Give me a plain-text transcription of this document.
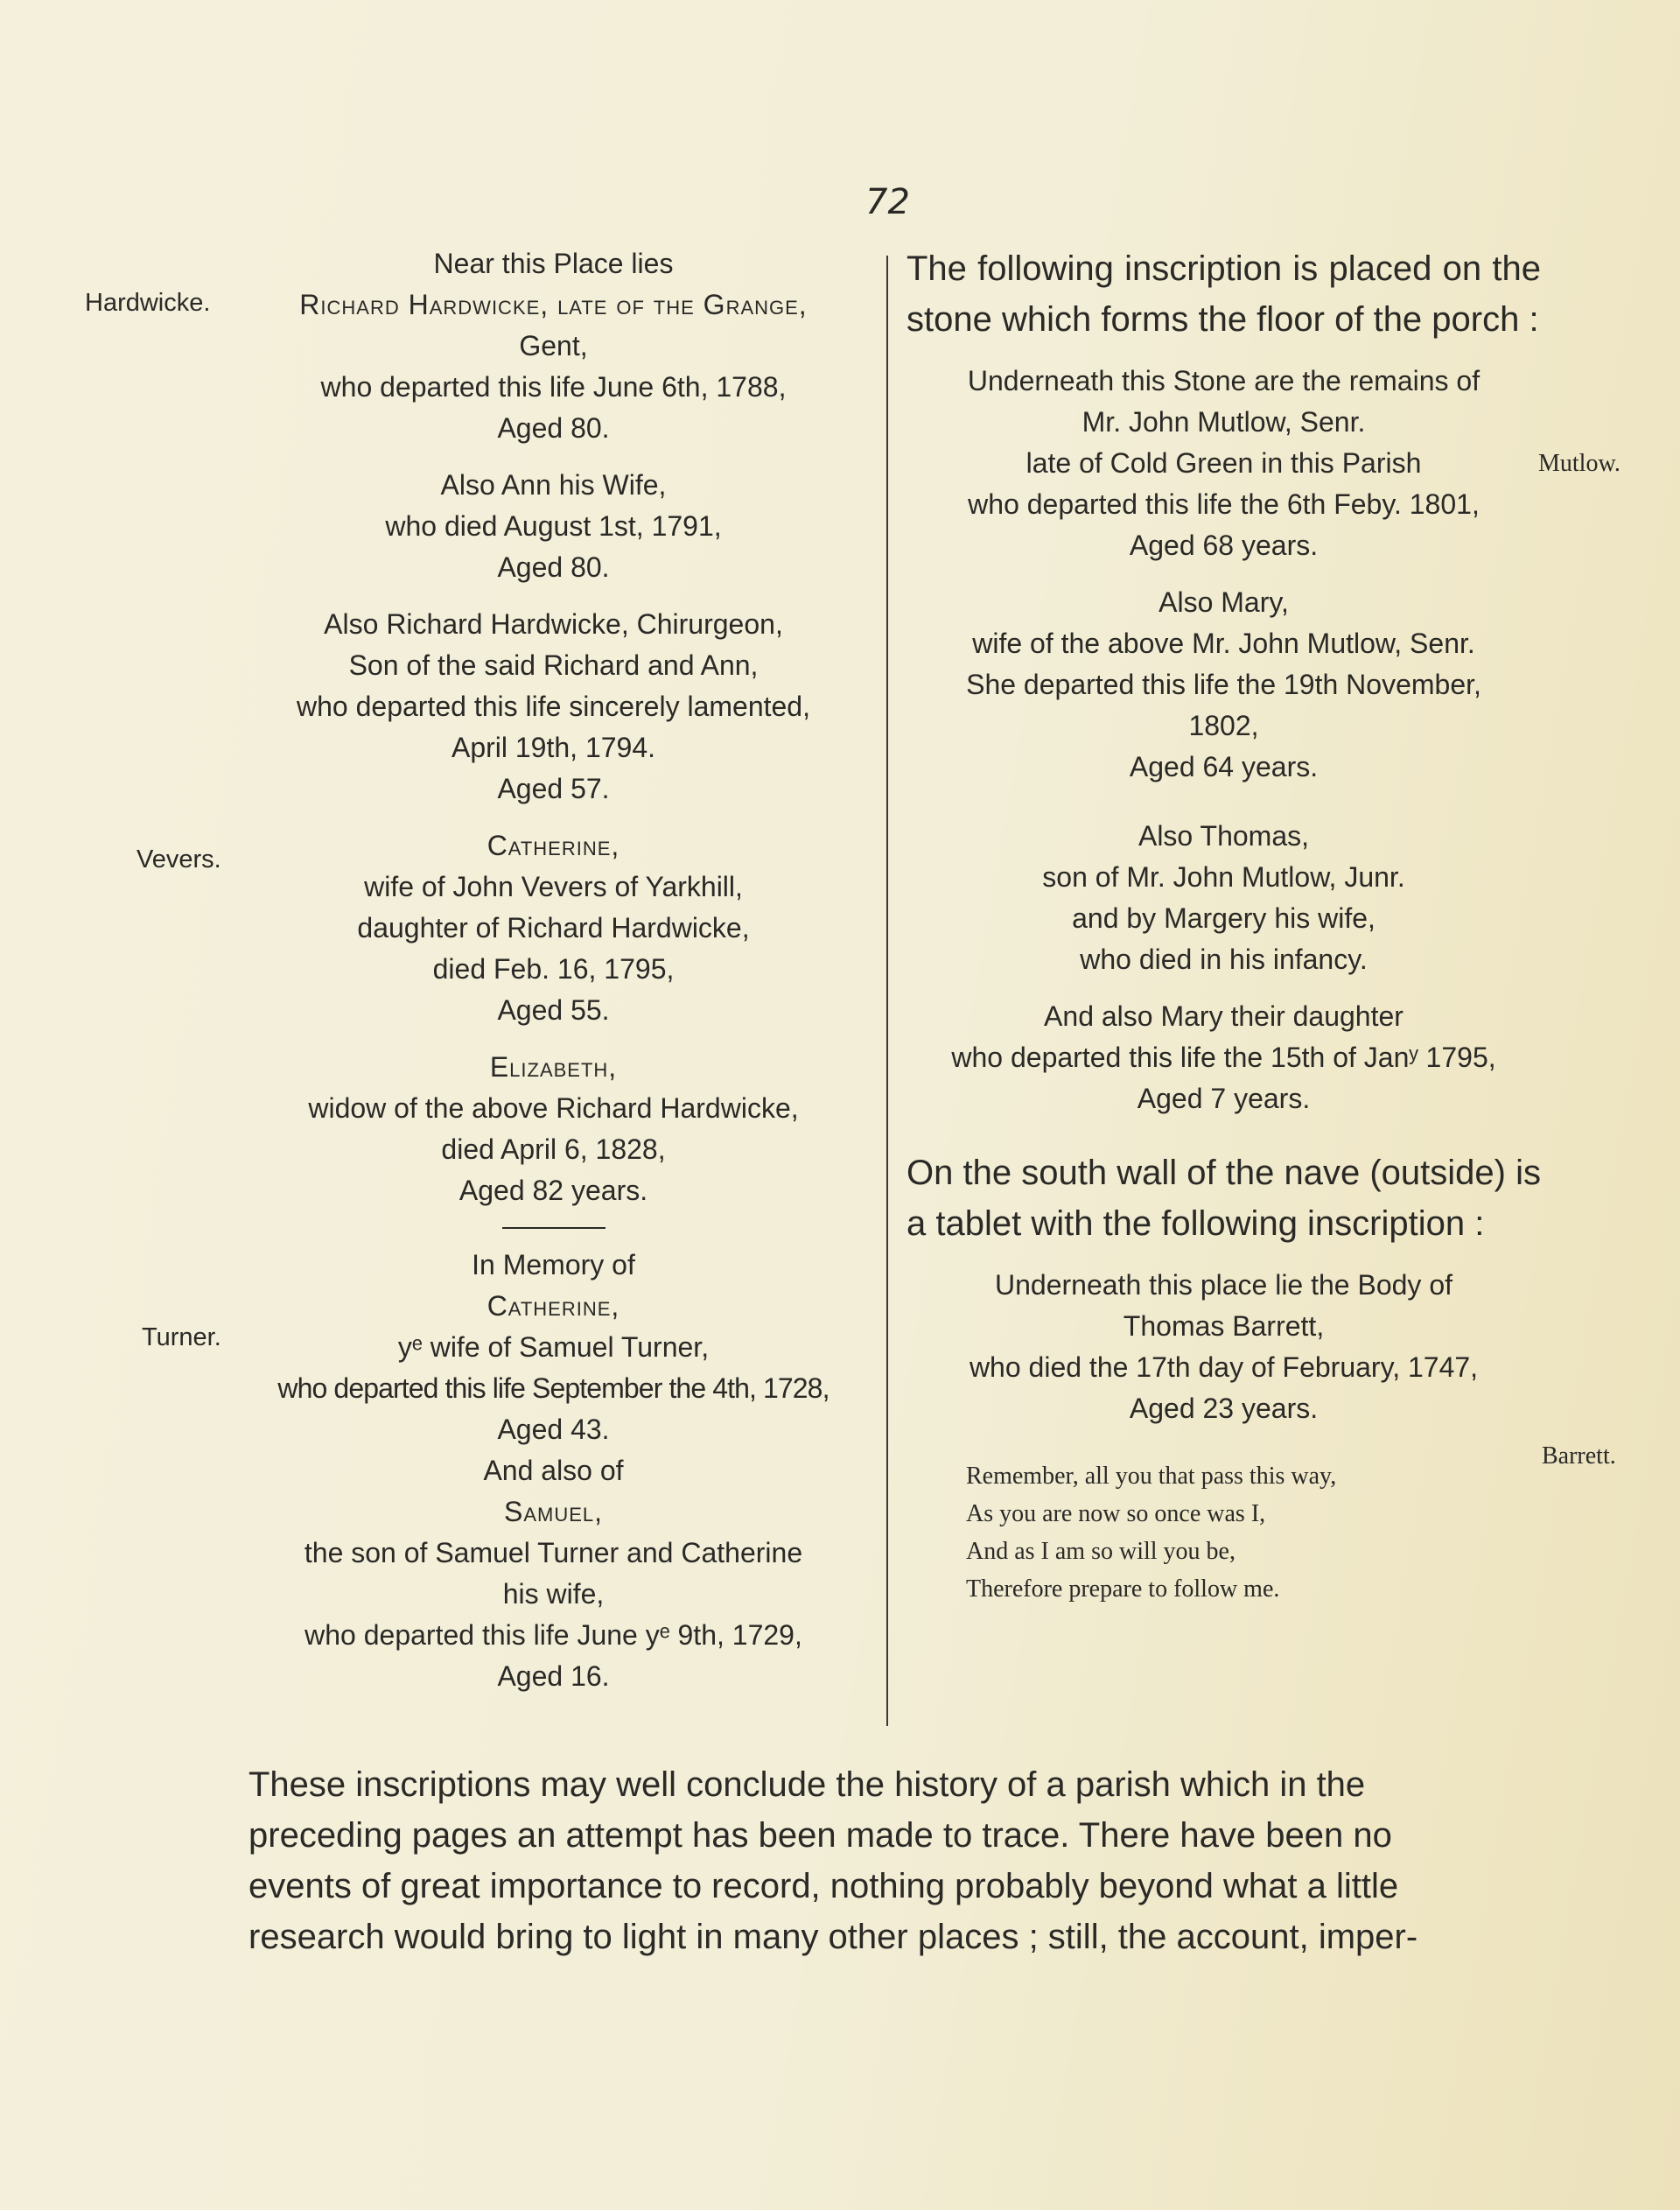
72
Hardwicke.
Vevers.
Turner.
Mutlow.
Barrett.
Near this Place lies
Richard Hardwicke, late of the Grange,
Gent,
who departed this life June 6th, 1788,
Aged 80.
Also Ann his Wife,
who died August 1st, 1791,
Aged 80.
Also Richard Hardwicke, Chirurgeon,
Son of the said Richard and Ann,
who departed this life sincerely lamented,
April 19th, 1794.
Aged 57.
Catherine,
wife of John Vevers of Yarkhill,
daughter of Richard Hardwicke,
died Feb. 16, 1795,
Aged 55.
Elizabeth,
widow of the above Richard Hardwicke,
died April 6, 1828,
Aged 82 years.
In Memory of
Catherine,
yᵉ wife of Samuel Turner,
who departed this life September the 4th, 1728,
Aged 43.
And also of
Samuel,
the son of Samuel Turner and Catherine
his wife,
who departed this life June yᵉ 9th, 1729,
Aged 16.
The following inscription is placed on the stone which forms the floor of the porch :
Underneath this Stone are the remains of
Mr. John Mutlow, Senr.
late of Cold Green in this Parish
who departed this life the 6th Feby. 1801,
Aged 68 years.
Also Mary,
wife of the above Mr. John Mutlow, Senr.
She departed this life the 19th November,
1802,
Aged 64 years.
Also Thomas,
son of Mr. John Mutlow, Junr.
and by Margery his wife,
who died in his infancy.
And also Mary their daughter
who departed this life the 15th of Janʸ 1795,
Aged 7 years.
On the south wall of the nave (outside) is a tablet with the following inscription :
Underneath this place lie the Body of
Thomas Barrett,
who died the 17th day of February, 1747,
Aged 23 years.
Remember, all you that pass this way,
As you are now so once was I,
And as I am so will you be,
Therefore prepare to follow me.
These inscriptions may well conclude the history of a parish which in the
preceding pages an attempt has been made to trace. There have been no
events of great importance to record, nothing probably beyond what a little
research would bring to light in many other places ; still, the account, imper-
